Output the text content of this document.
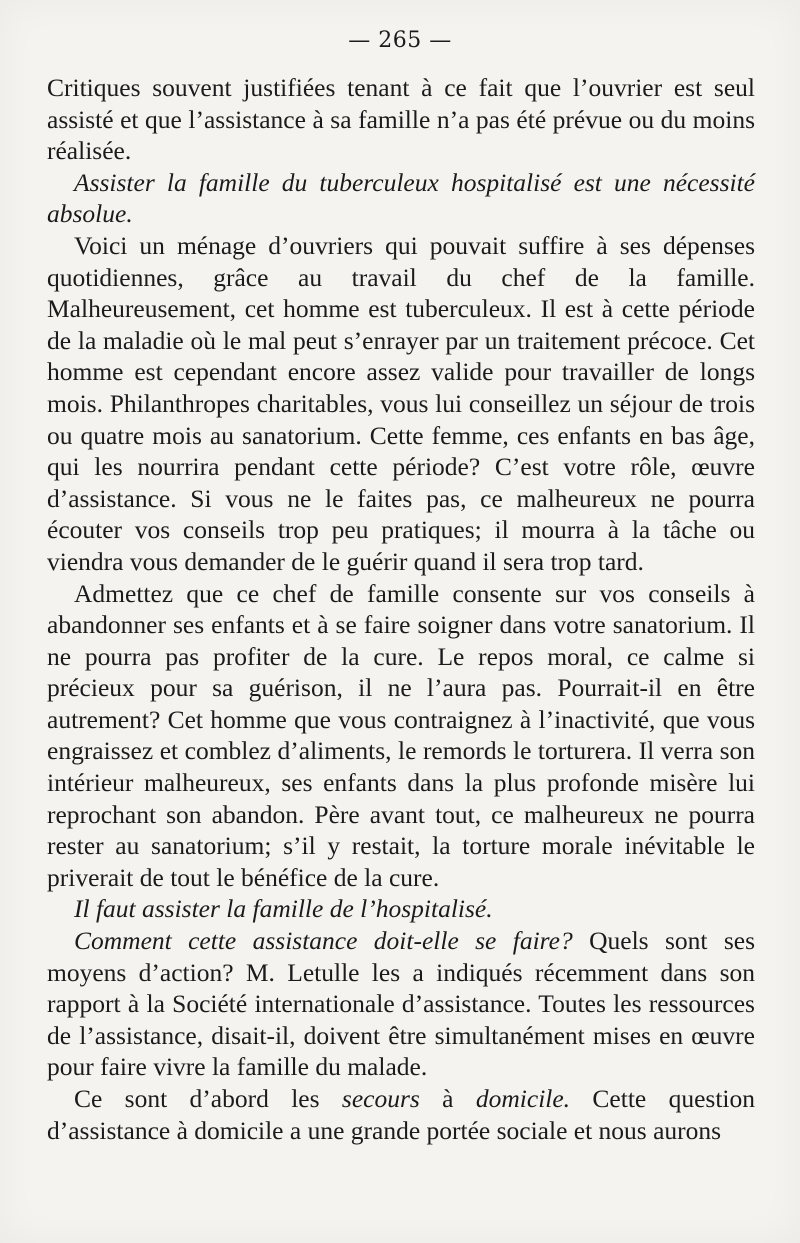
— 265 —

Critiques souvent justifiées tenant à ce fait que l’ouvrier est seul assisté et que l’assistance à sa famille n’a pas été prévue ou du moins réalisée.

Assister la famille du tuberculeux hospitalisé est une nécessité absolue.

Voici un ménage d’ouvriers qui pouvait suffire à ses dépenses quotidiennes, grâce au travail du chef de la famille. Malheureusement, cet homme est tuberculeux. Il est à cette période de la maladie où le mal peut s’enrayer par un traitement précoce. Cet homme est cependant encore assez valide pour travailler de longs mois. Philanthropes charitables, vous lui conseillez un séjour de trois ou quatre mois au sanatorium. Cette femme, ces enfants en bas âge, qui les nourrira pendant cette période? C’est votre rôle, œuvre d’assistance. Si vous ne le faites pas, ce malheureux ne pourra écouter vos conseils trop peu pratiques; il mourra à la tâche ou viendra vous demander de le guérir quand il sera trop tard.

Admettez que ce chef de famille consente sur vos conseils à abandonner ses enfants et à se faire soigner dans votre sanatorium. Il ne pourra pas profiter de la cure. Le repos moral, ce calme si précieux pour sa guérison, il ne l’aura pas. Pourrait-il en être autrement? Cet homme que vous contraignez à l’inactivité, que vous engraissez et comblez d’aliments, le remords le torturera. Il verra son intérieur malheureux, ses enfants dans la plus profonde misère lui reprochant son abandon. Père avant tout, ce malheureux ne pourra rester au sanatorium; s’il y restait, la torture morale inévitable le priverait de tout le bénéfice de la cure.

Il faut assister la famille de l’hospitalisé.

Comment cette assistance doit-elle se faire? Quels sont ses moyens d’action? M. Letulle les a indiqués récemment dans son rapport à la Société internationale d’assistance. Toutes les ressources de l’assistance, disait-il, doivent être simultanément mises en œuvre pour faire vivre la famille du malade.

Ce sont d’abord les secours à domicile. Cette question d’assistance à domicile a une grande portée sociale et nous aurons
